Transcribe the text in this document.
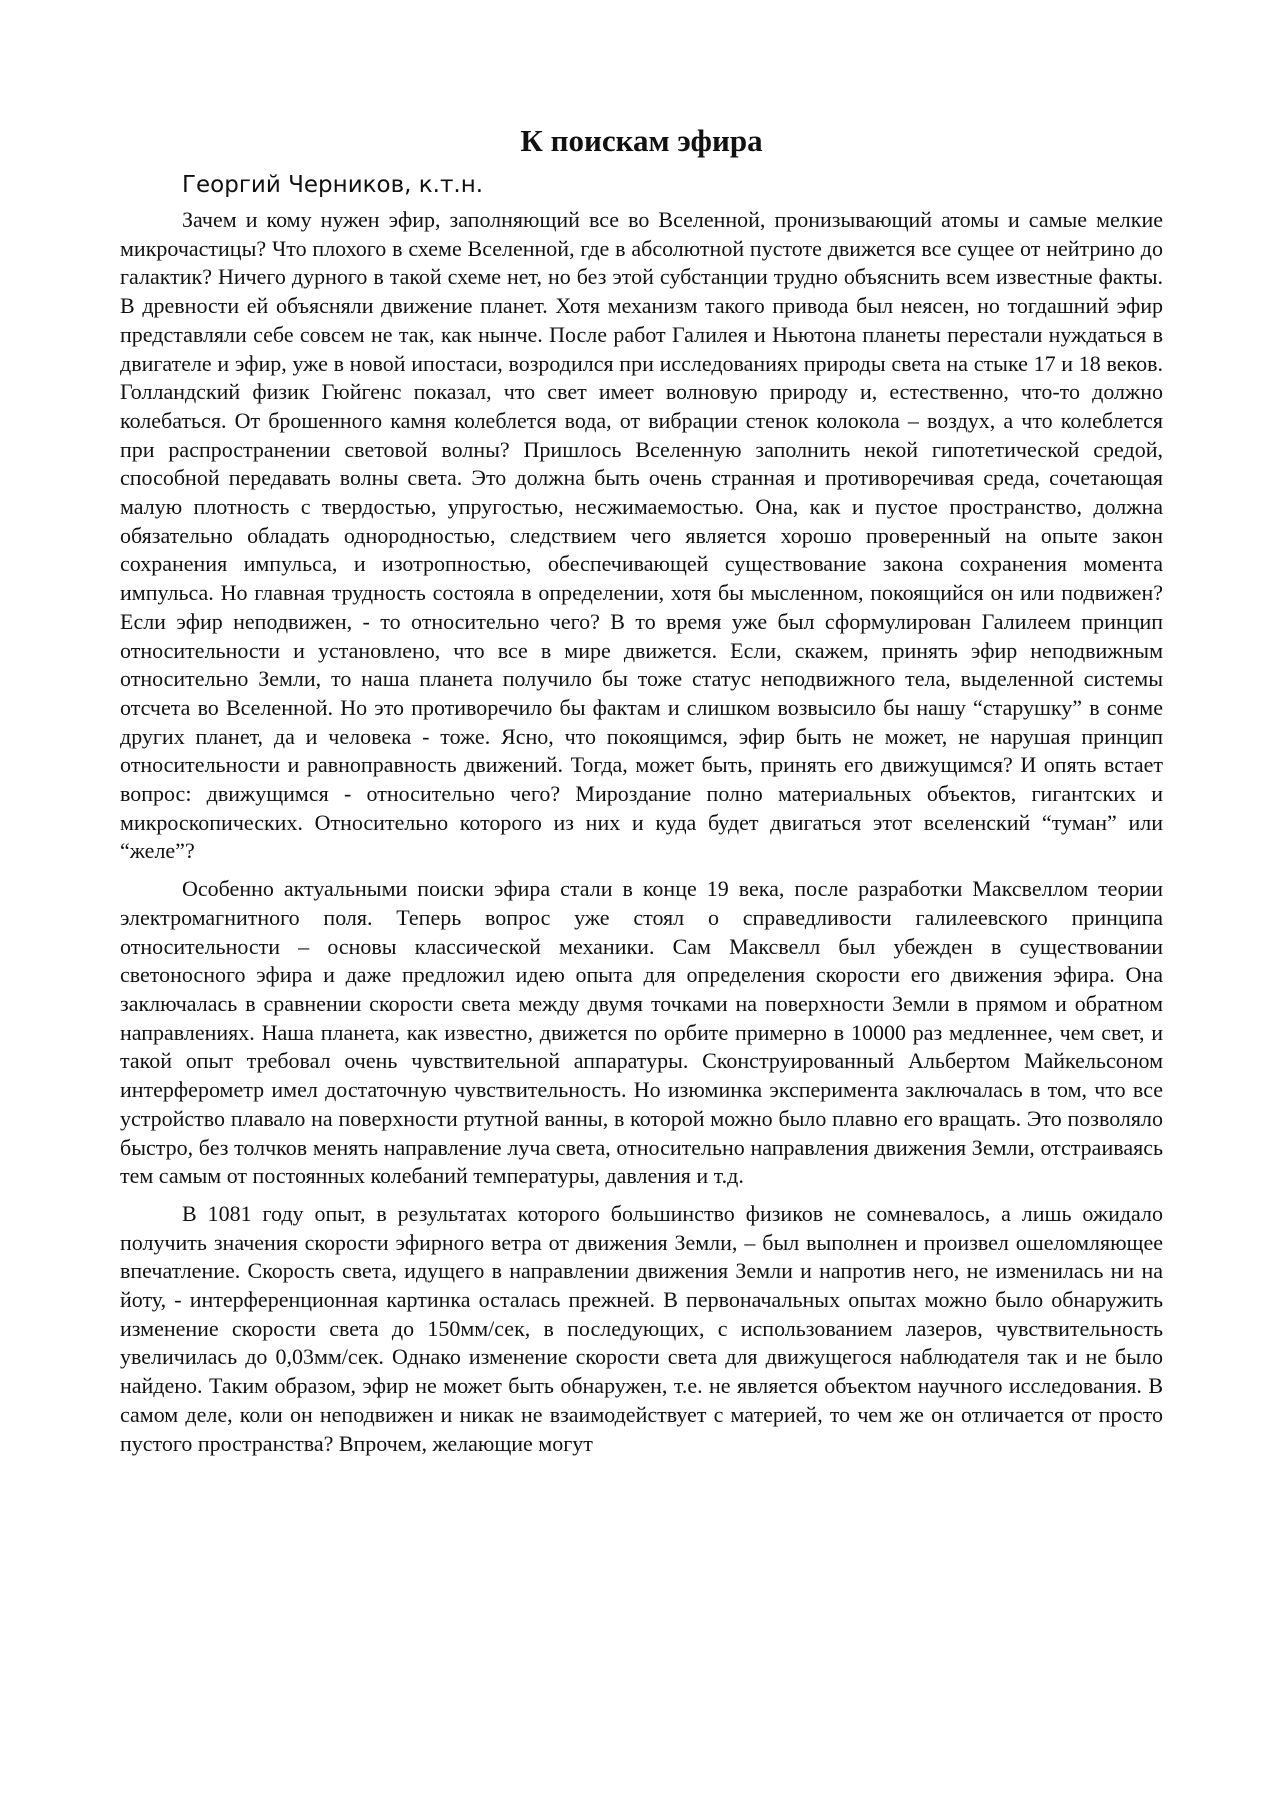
К поискам эфира
Георгий Черников, к.т.н.

Зачем и кому нужен эфир, заполняющий все во Вселенной, пронизывающий атомы и самые мелкие микрочастицы? Что плохого в схеме Вселенной, где в абсолютной пустоте движется все сущее от нейтрино до галактик? Ничего дурного в такой схеме нет, но без этой субстанции трудно объяснить всем известные факты. В древности ей объясняли движение планет. Хотя механизм такого привода был неясен, но тогдашний эфир представляли себе совсем не так, как нынче. После работ Галилея и Ньютона планеты перестали нуждаться в двигателе и эфир, уже в новой ипостаси, возродился при исследованиях природы света на стыке 17 и 18 веков. Голландский физик Гюйгенс показал, что свет имеет волновую природу и, естественно, что-то должно колебаться. От брошенного камня колеблется вода, от вибрации стенок колокола – воздух, а что колеблется при распространении световой волны? Пришлось Вселенную заполнить некой гипотетической средой, способной передавать волны света. Это должна быть очень странная и противоречивая среда, сочетающая малую плотность с твердостью, упругостью, несжимаемостью. Она, как и пустое пространство, должна обязательно обладать однородностью, следствием чего является хорошо проверенный на опыте закон сохранения импульса, и изотропностью, обеспечивающей существование закона сохранения момента импульса. Но главная трудность состояла в определении, хотя бы мысленном, покоящийся он или подвижен? Если эфир неподвижен, - то относительно чего? В то время уже был сформулирован Галилеем принцип относительности и установлено, что все в мире движется. Если, скажем, принять эфир неподвижным относительно Земли, то наша планета получило бы тоже статус неподвижного тела, выделенной системы отсчета во Вселенной. Но это противоречило бы фактам и слишком возвысило бы нашу “старушку” в сонме других планет, да и человека - тоже. Ясно, что покоящимся, эфир быть не может, не нарушая принцип относительности и равноправность движений. Тогда, может быть, принять его движущимся? И опять встает вопрос: движущимся - относительно чего? Мироздание полно материальных объектов, гигантских и микроскопических. Относительно которого из них и куда будет двигаться этот вселенский “туман” или “желе”?

Особенно актуальными поиски эфира стали в конце 19 века, после разработки Максвеллом теории электромагнитного поля. Теперь вопрос уже стоял о справедливости галилеевского принципа относительности – основы классической механики. Сам Максвелл был убежден в существовании светоносного эфира и даже предложил идею опыта для определения скорости его движения эфира. Она заключалась в сравнении скорости света между двумя точками на поверхности Земли в прямом и обратном направлениях. Наша планета, как известно, движется по орбите примерно в 10000 раз медленнее, чем свет, и такой опыт требовал очень чувствительной аппаратуры. Сконструированный Альбертом Майкельсоном интерферометр имел достаточную чувствительность. Но изюминка эксперимента заключалась в том, что все устройство плавало на поверхности ртутной ванны, в которой можно было плавно его вращать. Это позволяло быстро, без толчков менять направление луча света, относительно направления движения Земли, отстраиваясь тем самым от постоянных колебаний температуры, давления и т.д.

В 1081 году опыт, в результатах которого большинство физиков не сомневалось, а лишь ожидало получить значения скорости эфирного ветра от движения Земли, – был выполнен и произвел ошеломляющее впечатление. Скорость света, идущего в направлении движения Земли и напротив него, не изменилась ни на йоту, - интерференционная картинка осталась прежней. В первоначальных опытах можно было обнаружить изменение скорости света до 150мм/сек, в последующих, с использованием лазеров, чувствительность увеличилась до 0,03мм/сек. Однако изменение скорости света для движущегося наблюдателя так и не было найдено. Таким образом, эфир не может быть обнаружен, т.е. не является объектом научного исследования. В самом деле, коли он неподвижен и никак не взаимодействует с материей, то чем же он отличается от просто пустого пространства? Впрочем, желающие могут
